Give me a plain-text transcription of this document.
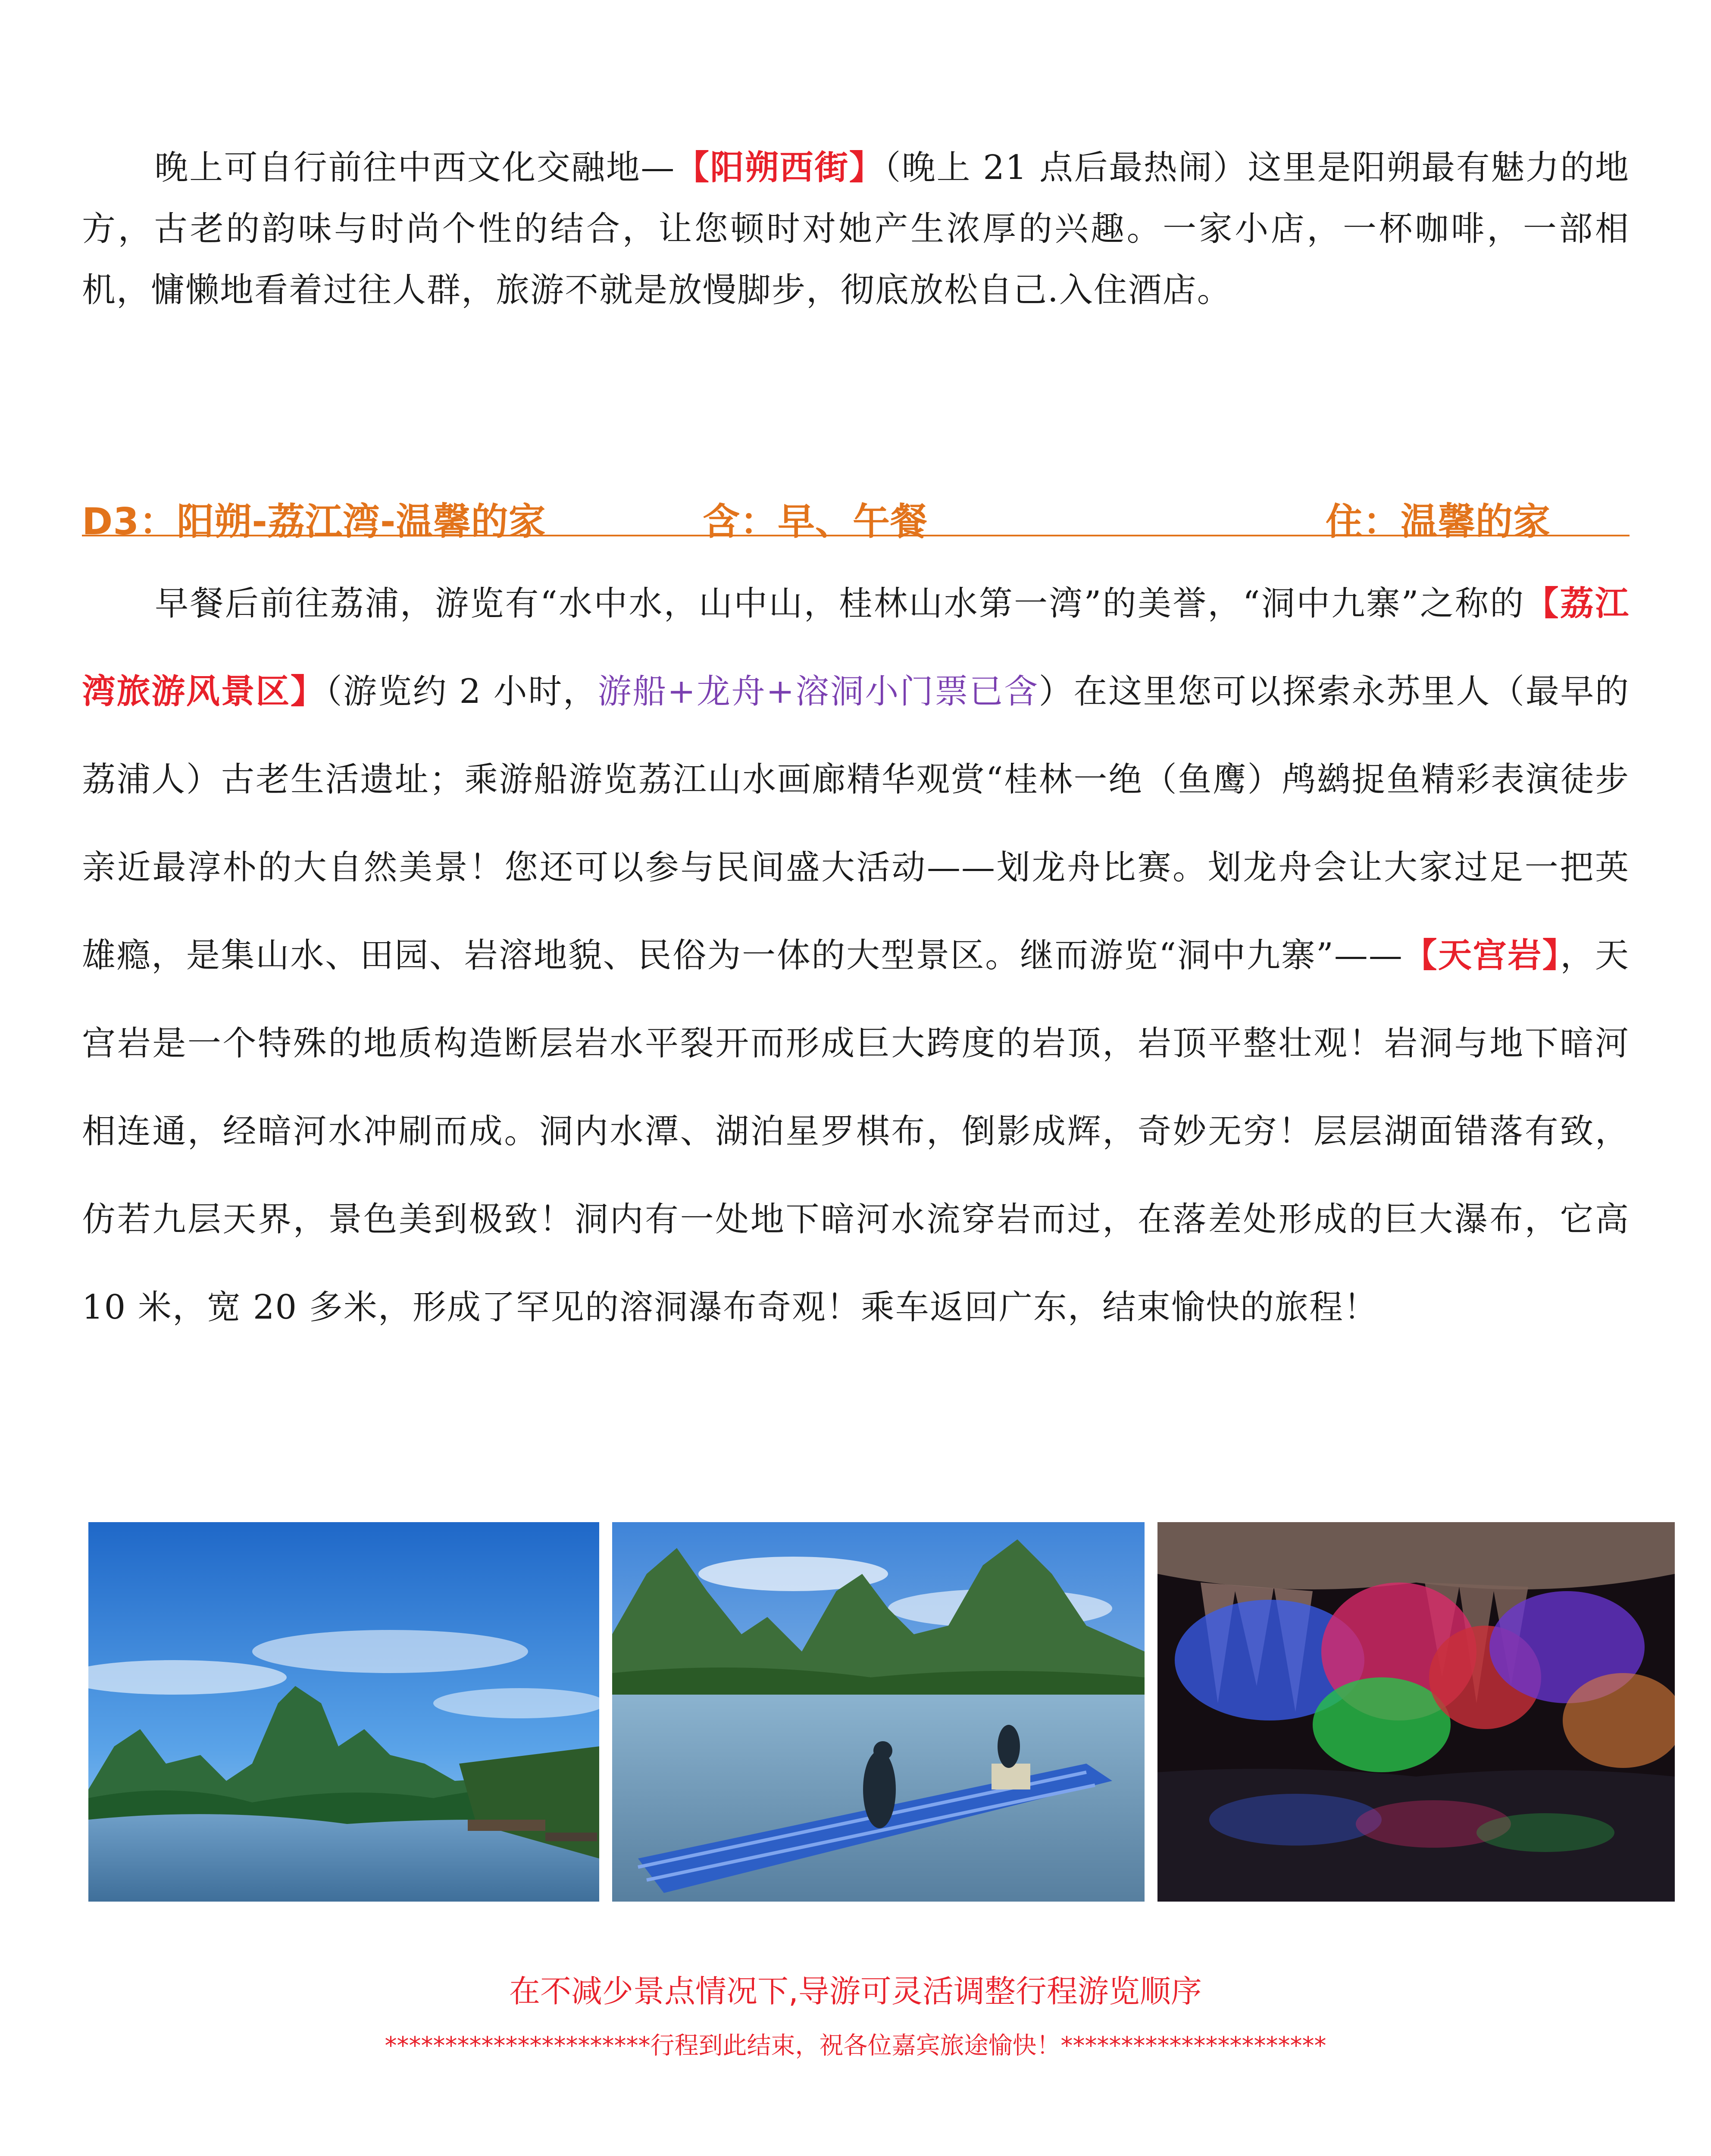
晚上可自行前往中西文化交融地—【阳朔西街】（晚上 21 点后最热闹）这里是阳朔最有魅力的地方，古老的韵味与时尚个性的结合，让您顿时对她产生浓厚的兴趣。一家小店，一杯咖啡，一部相机，慵懒地看着过往人群，旅游不就是放慢脚步，彻底放松自己.入住酒店。

D3：阳朔-荔江湾-温馨的家	含：早、午餐	住：温馨的家

早餐后前往荔浦，游览有“水中水，山中山，桂林山水第一湾”的美誉，“洞中九寨”之称的【荔江湾旅游风景区】（游览约 2 小时，游船+龙舟+溶洞小门票已含）在这里您可以探索永苏里人（最早的荔浦人）古老生活遗址；乘游船游览荔江山水画廊精华观赏“桂林一绝（鱼鹰）鸬鹚捉鱼精彩表演徒步亲近最淳朴的大自然美景！您还可以参与民间盛大活动——划龙舟比赛。划龙舟会让大家过足一把英雄瘾，是集山水、田园、岩溶地貌、民俗为一体的大型景区。继而游览“洞中九寨”——【天宫岩】，天宫岩是一个特殊的地质构造断层岩水平裂开而形成巨大跨度的岩顶，岩顶平整壮观！岩洞与地下暗河相连通，经暗河水冲刷而成。洞内水潭、湖泊星罗棋布，倒影成辉，奇妙无穷！层层湖面错落有致，仿若九层天界，景色美到极致！洞内有一处地下暗河水流穿岩而过，在落差处形成的巨大瀑布，它高 10 米，宽 20 多米，形成了罕见的溶洞瀑布奇观！乘车返回广东，结束愉快的旅程！

在不减少景点情况下,导游可灵活调整行程游览顺序
**********************行程到此结束，祝各位嘉宾旅途愉快！**********************
